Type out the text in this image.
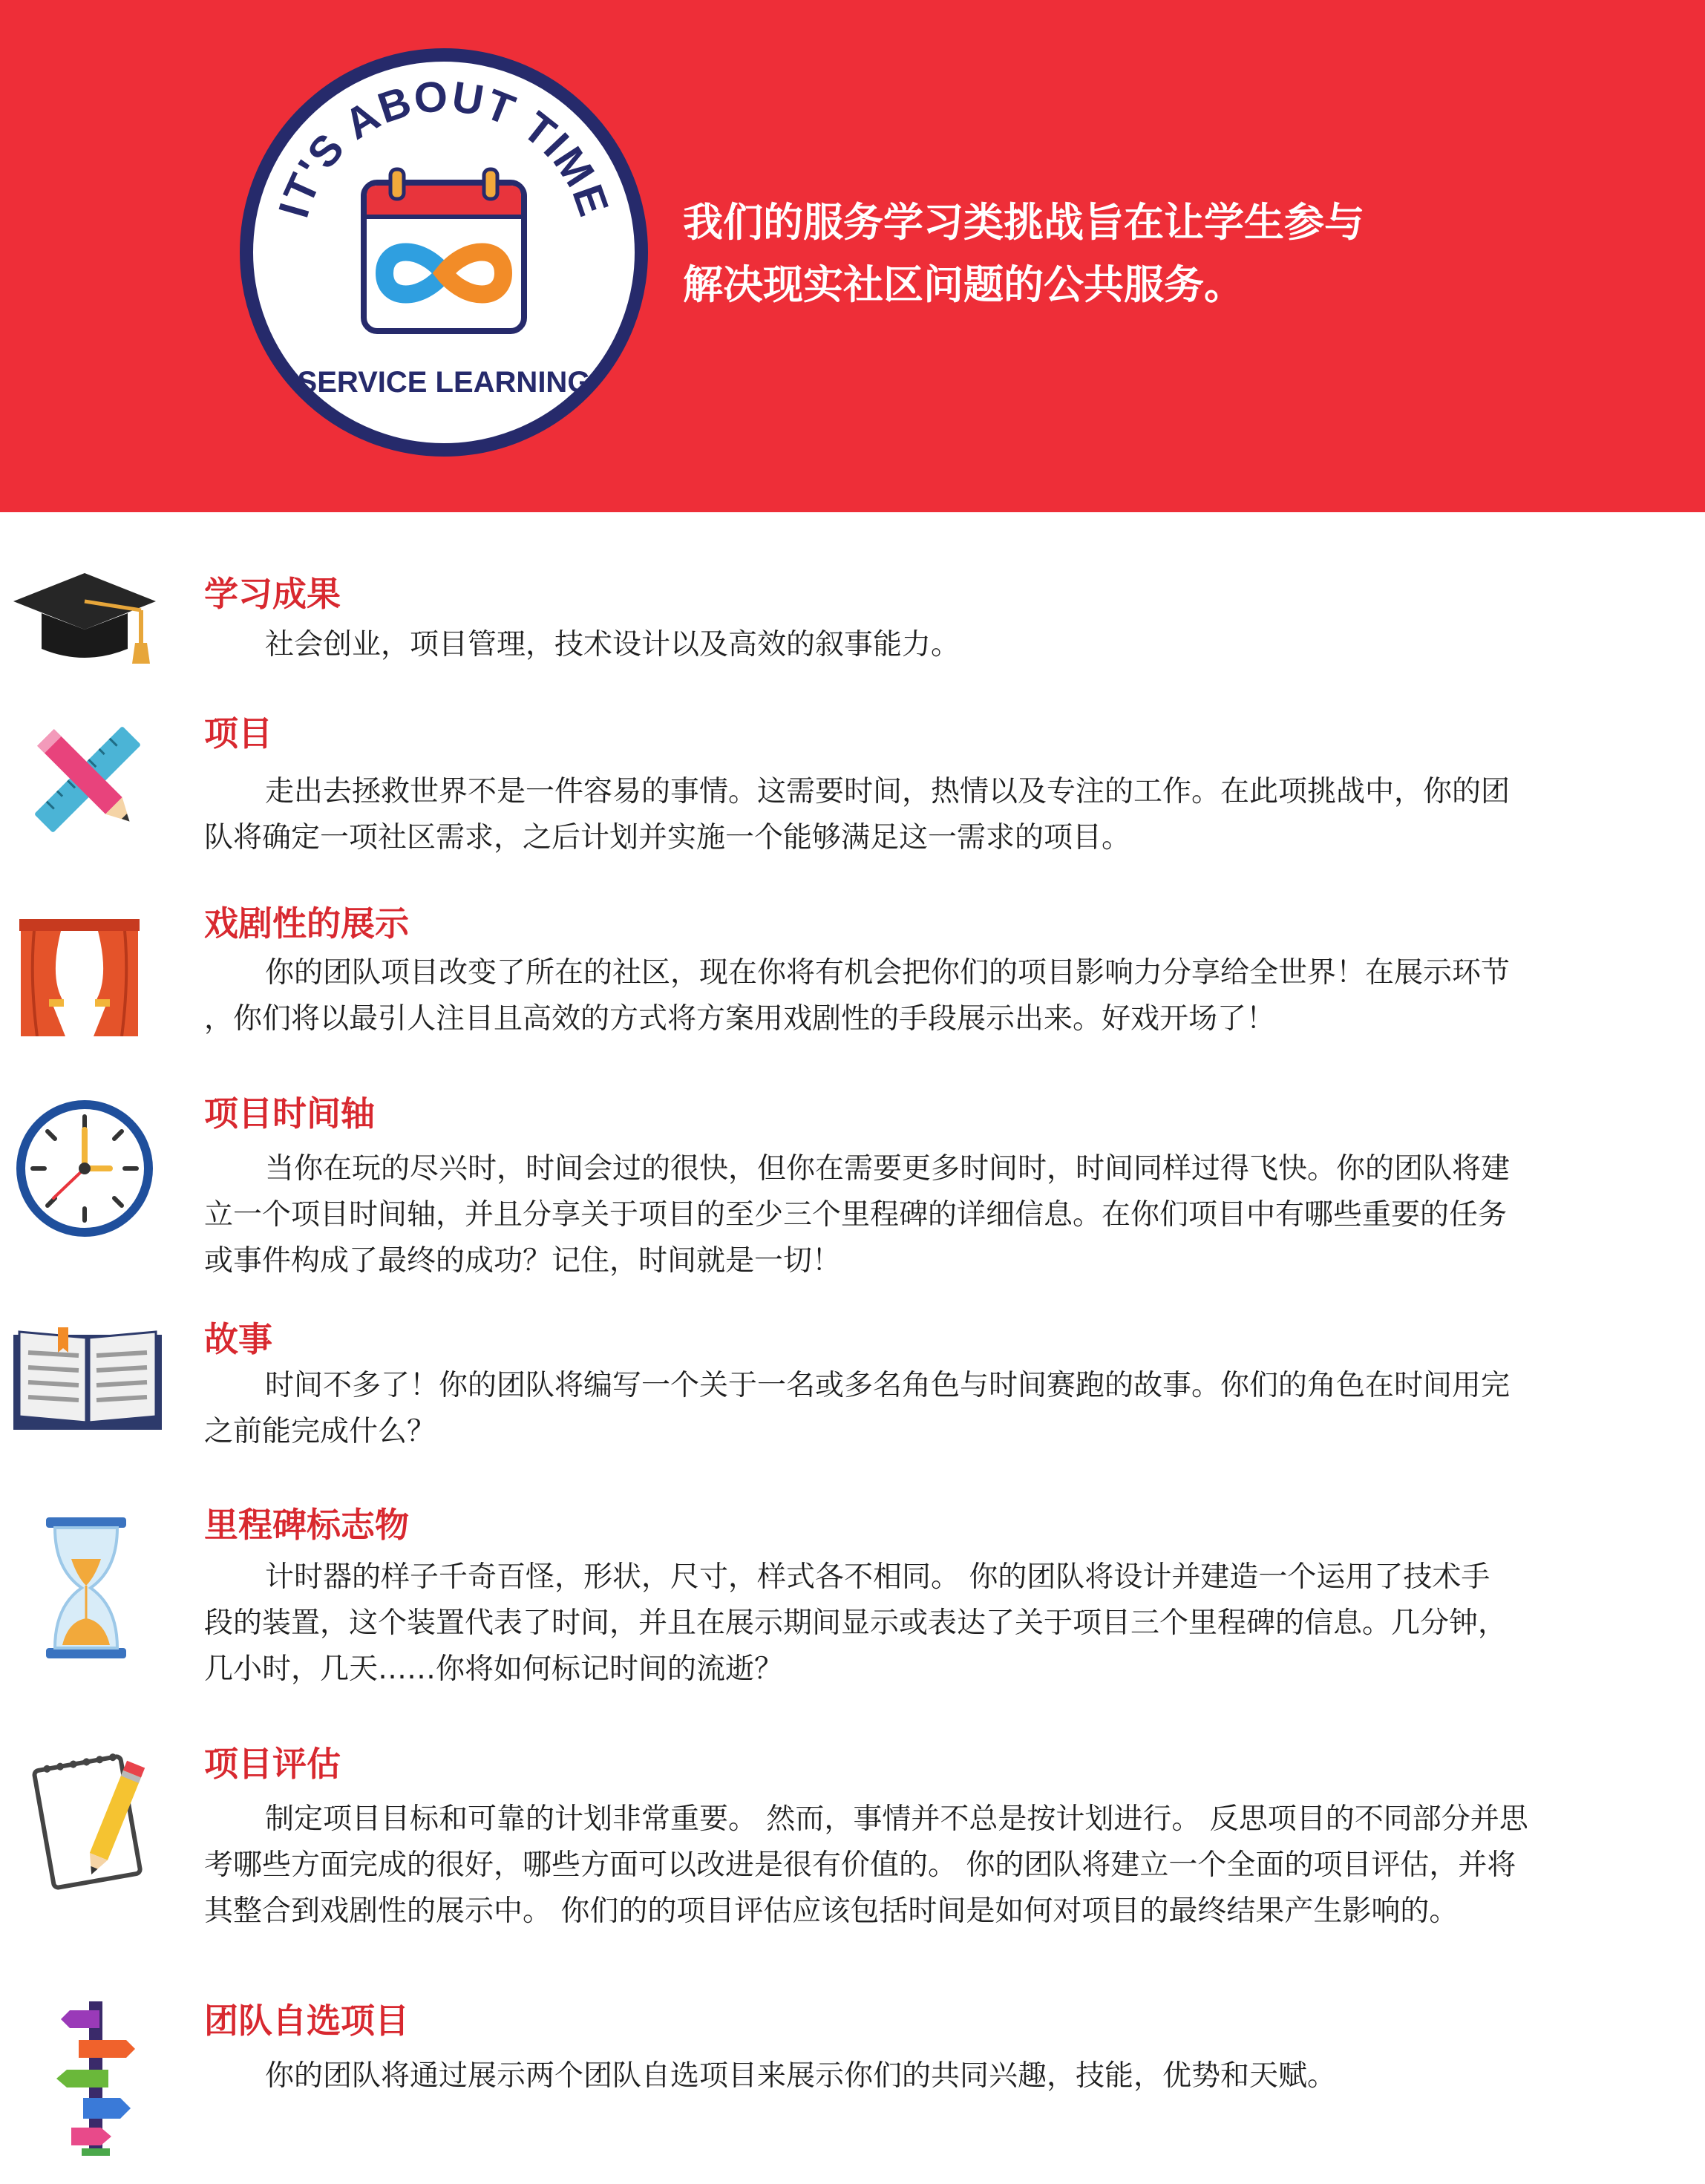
IT'S ABOUT TIME
SERVICE LEARNING
我们的服务学习类挑战旨在让学生参与
解决现实社区问题的公共服务。
学习成果
社会创业，项目管理，技术设计以及高效的叙事能力。
项目
走出去拯救世界不是一件容易的事情。这需要时间，热情以及专注的工作。在此项挑战中，你的团
队将确定一项社区需求，之后计划并实施一个能够满足这一需求的项目。
戏剧性的展示
你的团队项目改变了所在的社区，现在你将有机会把你们的项目影响力分享给全世界！在展示环节
，你们将以最引人注目且高效的方式将方案用戏剧性的手段展示出来。好戏开场了！
项目时间轴
当你在玩的尽兴时，时间会过的很快，但你在需要更多时间时，时间同样过得飞快。你的团队将建
立一个项目时间轴，并且分享关于项目的至少三个里程碑的详细信息。在你们项目中有哪些重要的任务
或事件构成了最终的成功？记住，时间就是一切！
故事
时间不多了！你的团队将编写一个关于一名或多名角色与时间赛跑的故事。你们的角色在时间用完
之前能完成什么？
里程碑标志物
计时器的样子千奇百怪，形状，尺寸，样式各不相同。 你的团队将设计并建造一个运用了技术手
段的装置，这个装置代表了时间，并且在展示期间显示或表达了关于项目三个里程碑的信息。几分钟，
几小时，几天……你将如何标记时间的流逝？
项目评估
制定项目目标和可靠的计划非常重要。 然而，事情并不总是按计划进行。 反思项目的不同部分并思
考哪些方面完成的很好，哪些方面可以改进是很有价值的。 你的团队将建立一个全面的项目评估，并将
其整合到戏剧性的展示中。 你们的的项目评估应该包括时间是如何对项目的最终结果产生影响的。
团队自选项目
你的团队将通过展示两个团队自选项目来展示你们的共同兴趣，技能，优势和天赋。
